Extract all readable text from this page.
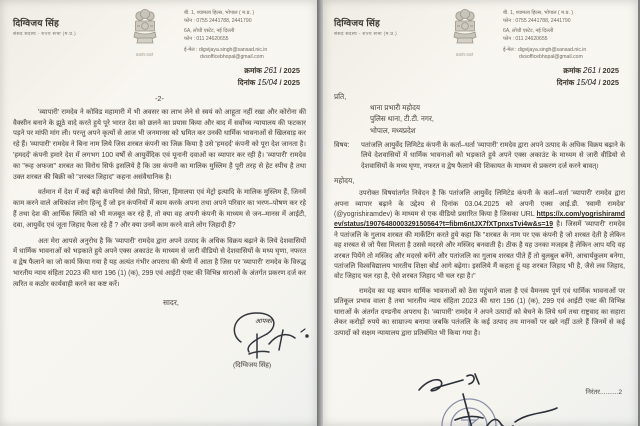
दिग्विजय सिंह
संसद सदस्य - राज्य सभा (म.प्र.)
सत्यमेव जयते
बी. 1, श्यामला हिल्स, भोपाल ( म.प्र. )
फोन : 0755 2441788, 2441790
6A, लोधी एस्टेट, नई दिल्ली
फोन : 011 24620655
ई-मेल : digvijaya.singh@sansad.nic.in
dvsofficebhopal@gmail.com
क्रमांक 261 / 2025
दिनांक 15/04 / 2025
-2-

'व्यापारी' रामदेव ने कोविड महामारी में भी अवसर का लाभ लेने से स्वयं को आहूता नहीं रखा और कोरोना की वैक्सीन बनाने के झूठे वादे करते हुये पूरे भारत देश को छलने का प्रयास किया और बाद में सर्वोच्च न्यायालय की फटकार पड़ने पर मांफी मांग ली। परन्तु अपने कृत्यों से आज भी जनमानस को भ्रमित कर उनकी धार्मिक भावनाओं से खिलवाड़ कर रहे हैं। 'व्यापारी' रामदेव ने बिना नाम लिये जिस शरबत कंपनी का जिक्र किया है उसे 'हमदर्द' कंपनी को पूरा देश जानता है। 'हमदर्द' कंपनी हमारे देश में लगभग 100 वर्षों से आयुर्वेदिक एवं यूनानी दवाओं का व्यापार कर रही है। 'व्यापारी' रामदेव का "रूह अफजा" शरबत का विरोध सिर्फ इसलिये है कि उस कंपनी का मालिक मुस्लिम है पूरी तरह से हेट स्पीच है तथा उक्त शरबत की बिक्री को "शरबत जिहाद" कहना असंवैधानिक है।

वर्तमान में देश में कई बड़ी कंपनियां जैसे विप्रो, सिप्ला, हिमालया एवं मेट्रो इत्यादि के मालिक मुस्लिम हैं, जिनमें काम करने वाले अधिकांश लोग हिन्दू हैं जो इन कंपनियों में काम करके अपना तथा अपने परिवार का भरण–पोषण कर रहे हैं तथा देश की आर्थिक स्थिति को भी मजबूत कर रहे हैं, तो क्या वह अपनी कंपनी के माध्यम से जन–मानस में आईटी, दवा, आयुर्वेद एवं जूता जिहाद फैला रहे हैं ? और क्या उनमें काम करने वाले लोग जिहादी हैं?

अतः मेरा आपसे अनुरोध है कि 'व्यापारी' रामदेव द्वारा अपने उत्पाद के अधिक विक्रय बढ़ाने के लिये देशवासियों में धार्मिक भावनाओं को भड़काते हुये अपने एक्स अकाउंट के माध्यम से जारी वीडियो से देशवासियों के मध्य घृणा, नफरत व द्वेष फैलाने का जो कार्य किया गया है यह अत्यंत गंभीर अपराध की श्रेणी में आता है जिस पर 'व्यापारी' रामदेव के विरुद्ध भारतीय न्याय संहिता 2023 की धारा 196 (1) (क), 299 एवं आईटी एक्ट की विभिन्न धाराओं के अंतर्गत प्रकरण दर्ज कर त्वरित व कठोर कार्यवाही करने का कष्ट करें।

सादर,
आपका
(दिग्विजय सिंह)
दिग्विजय सिंह
संसद सदस्य - राज्य सभा (म.प्र.)
सत्यमेव जयते
बी. 1, श्यामला हिल्स, भोपाल ( म.प्र. )
फोन : 0755 2441788, 2441790
6A, लोधी एस्टेट, नई दिल्ली
फोन : 011 24620655
ई-मेल : digvijaya.singh@sansad.nic.in
dvsofficebhopal@gmail.com
क्रमांक 261 / 2025
दिनांक 15/04 / 2025
प्रति,
थाना प्रभारी महोदय
पुलिस थाना, टी.टी. नगर,
भोपाल, मध्यप्रदेश
विषय:	पतांजलि आयुर्वेद लिमिटेड कंपनी के कर्ता–धर्ता 'व्यापारी' रामदेव द्वारा अपने उत्पाद के अधिक विक्रय बढ़ाने के लिये देशवासियों में धार्मिक भावनाओं को भड़काते हुये अपने एक्स अकाउंट के माध्यम से जारी वीडियो से देशवासियों के मध्य घृणा, नफरत व द्वेष फैलाने की शिकायत के माध्यम से प्रकरण दर्ज करने बावत्।
महोदय,

उपरोक्त विषयांतर्गत निवेदन है कि पतांजलि आयुर्वेद लिमिटेड कंपनी के कर्ता–धर्ता 'व्यापारी' रामदेव द्वारा अपना व्यापार बढ़ाने के उद्देश्य से दिनांक 03.04.2025 को अपनी एक्स आई.डी. 'स्वामी रामदेव' (@yogrishiramdev) के माध्यम से एक वीडियो प्रसारित किया है जिसका URL https://x.com/yogrishiramdev/status/1907648000329150564?t=fibm6ntJX7fXTpnxsTvi4w&s=19 है। जिसमें 'व्यापारी' रामदेव ने पतांजलि के गुलाब शरबत की मार्केटिंग करते हुये कहा कि "शरबत के नाम पर एक कंपनी है जो शरबत देती है लेकिन वह शरबत से जो पैसा मिलता है उससे मदरसे और मस्जिद बनवाती है। ठीक है यह उनका मजहब है लेकिन आप यदि वह शरबत पियेंगे तो मस्जिद और मदरसे बनेंगे और पतांजलि का गुलाब शरबत पीते हैं तो बुलबुल बनेंगे, आचार्यकुलम बनेगा, पतांजलि विश्वविद्यालय भारतीय शिक्षा बोर्ड आगे बढ़ेगा। इसलिये मैं कहता हूं यह शरबत जिहाद भी है, जैसे लव जिहाद, वोट जिहाद चल रहा है, ऐसे शरबत जिहाद भी चल रहा है।"

रामदेव का यह बयान धार्मिक भावनाओं को ठेस पहुंचाने वाला है एवं वैमनस्य पूर्ण एवं धार्मिक भावनाओं पर प्रतिकूल प्रभाव वाला है तथा भारतीय न्याय संहिता 2023 की धारा 196 (1) (क), 299 एवं आईटी एक्ट की विभिन्न धाराओं के अंतर्गत दण्डनीय अपराध है। 'व्यापारी' रामदेव ने अपने उत्पादों को बेचने के लिये धर्म तथा राष्ट्रवाद का सहारा लेकर करोड़ों रुपये का साम्राज्य बनाया जबकि पतंजलि के कई उत्पाद तय मानकों पर खरे नहीं उतरे हैं जिनमें से कई उत्पादों को सक्षम न्यायालय द्वारा प्रतिबंधित भी किया गया है।

निरंतर..........2
